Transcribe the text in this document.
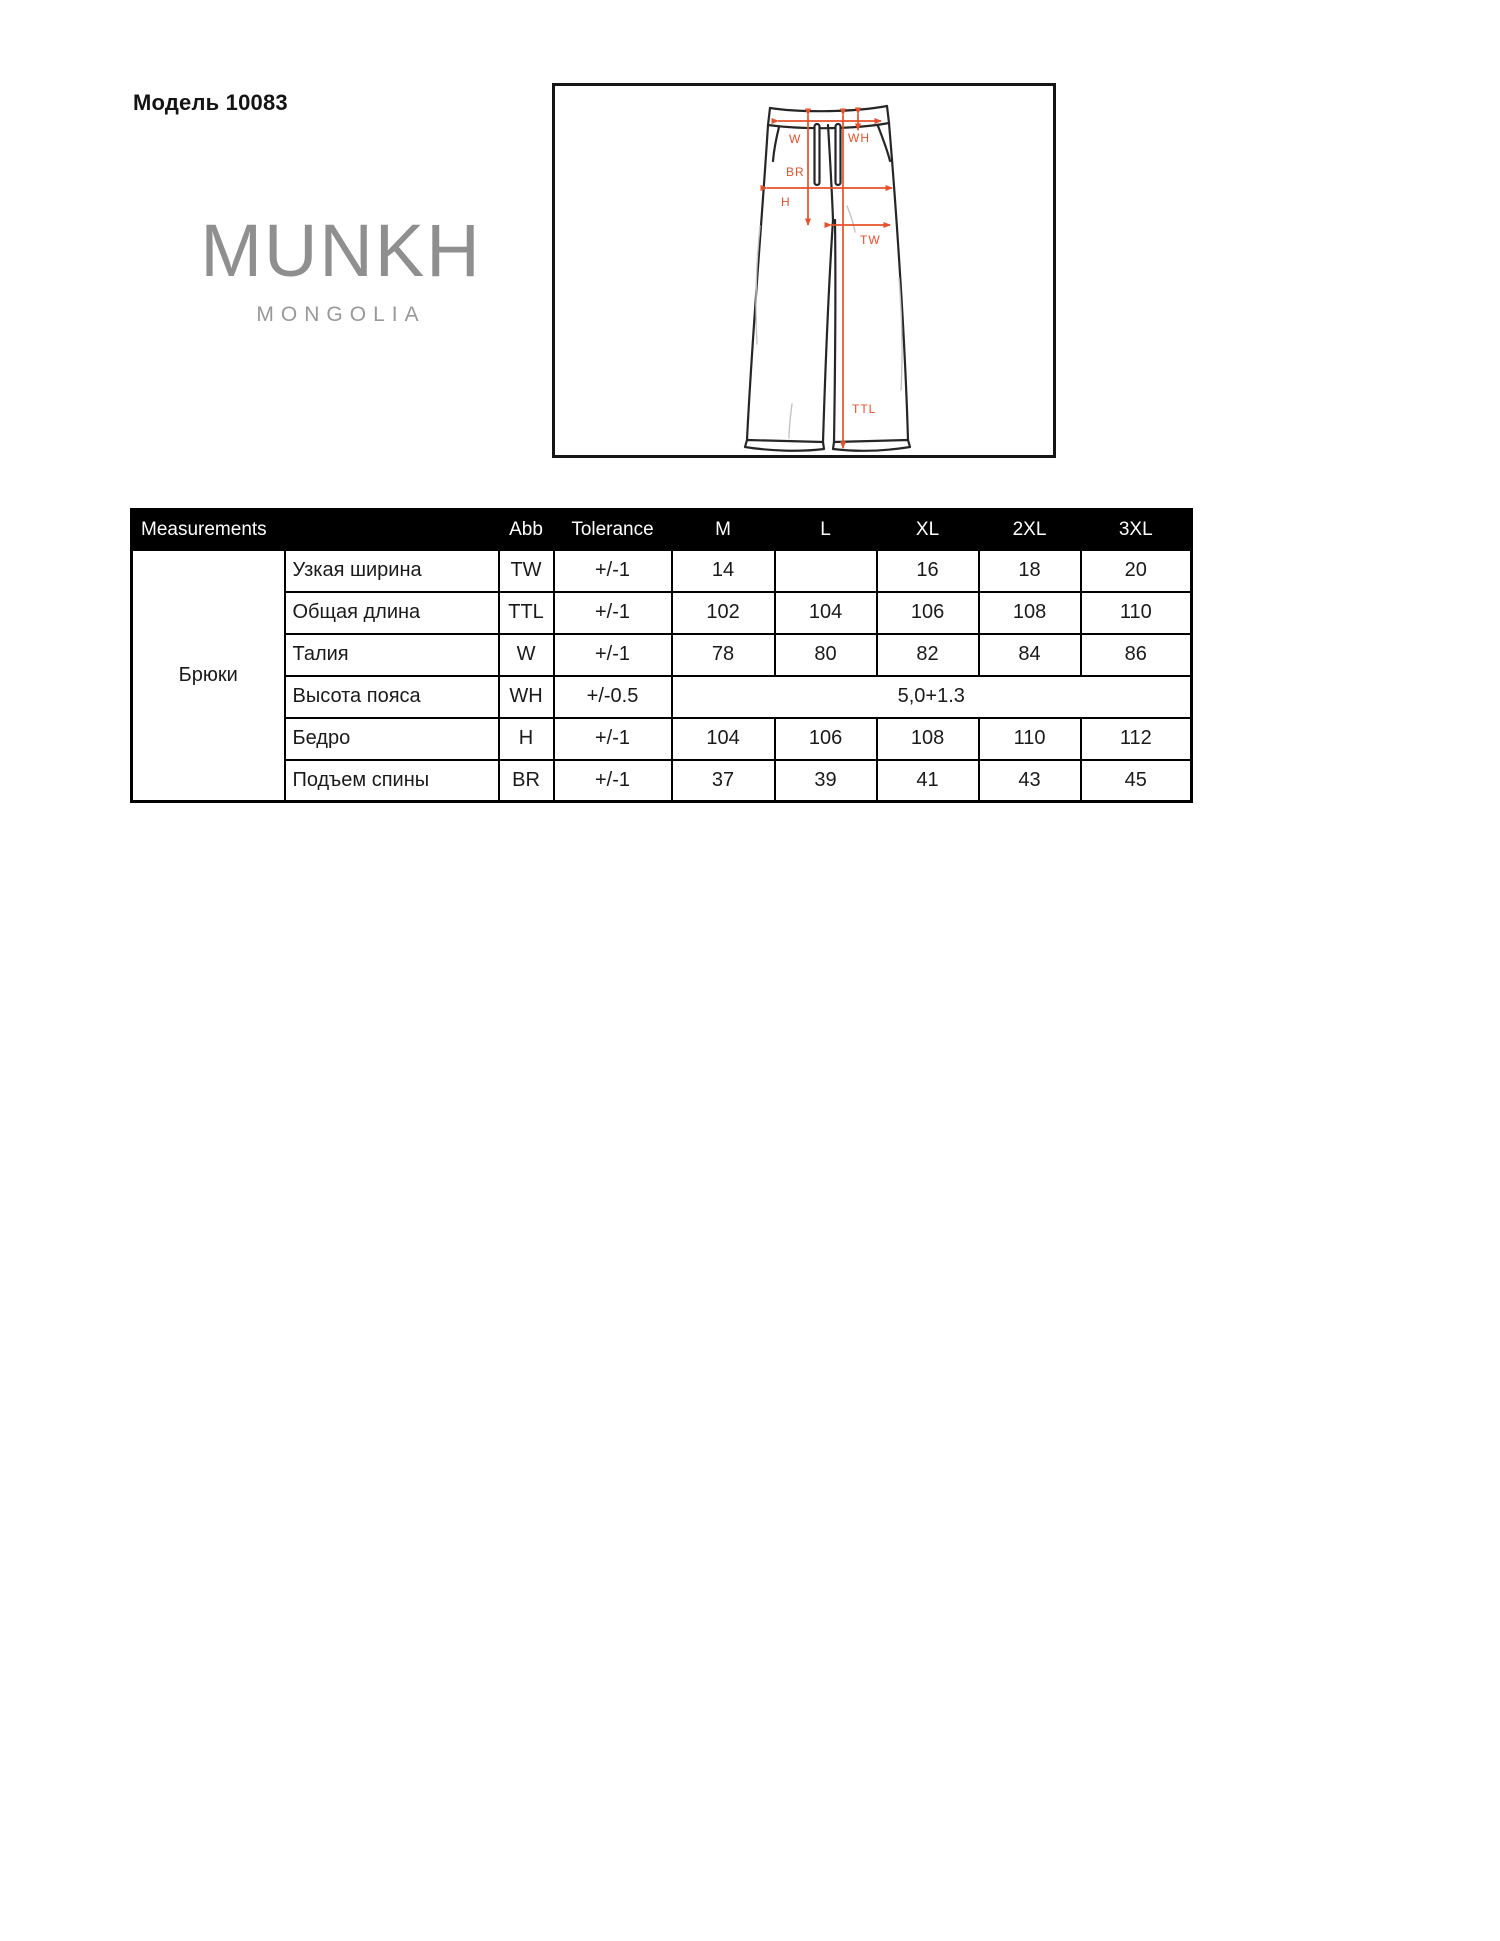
Модель 10083
MUNKH
MONGOLIA
W	WH
BR
H
TW
TTL
Measurements		Abb	Tolerance	M	L	XL	2XL	3XL
Брюки	Узкая ширина	TW	+/-1	14		16	18	20
	Общая длина	TTL	+/-1	102	104	106	108	110
	Талия	W	+/-1	78	80	82	84	86
	Высота пояса	WH	+/-0.5	5,0+1.3				
	Бедро	H	+/-1	104	106	108	110	112
	Подъем спины	BR	+/-1	37	39	41	43	45
